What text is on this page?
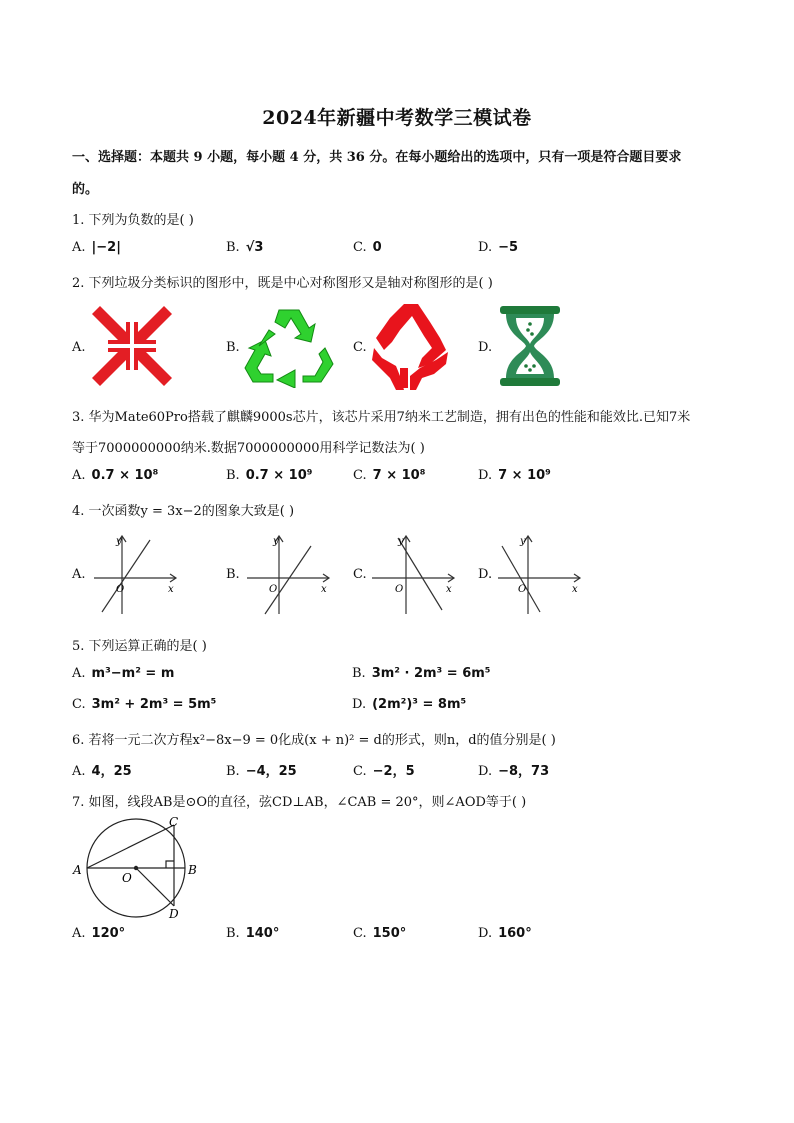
2024年新疆中考数学三模试卷
一、选择题：本题共 9 小题，每小题 4 分，共 36 分。在每小题给出的选项中，只有一项是符合题目要求
的。
1. 下列为负数的是( )
A. |−2|	B. √3	C. 0	D. −5
2. 下列垃圾分类标识的图形中，既是中心对称图形又是轴对称图形的是( )
A.	B.	C.	D.
3. 华为Mate60Pro搭载了麒麟9000s芯片，该芯片采用7纳米工艺制造，拥有出色的性能和能效比.已知7米
等于7000000000纳米.数据7000000000用科学记数法为( )
A. 0.7 × 10⁸	B. 0.7 × 10⁹	C. 7 × 10⁸	D. 7 × 10⁹
4. 一次函数y = 3x−2的图象大致是( )
A.
y
x
O
B.
y
x
O
C.
y
x
O
D.
y
x
O
5. 下列运算正确的是( )
A. m³−m² = m	B. 3m² · 2m³ = 6m⁵
C. 3m² + 2m³ = 5m⁵	D. (2m²)³ = 8m⁵
6. 若将一元二次方程x²−8x−9 = 0化成(x + n)² = d的形式，则n，d的值分别是( )
A. 4，25	B. −4，25	C. −2，5	D. −8，73
7. 如图，线段AB是⊙O的直径，弦CD⊥AB，∠CAB = 20°，则∠AOD等于( )
A	B
C
D
O
A. 120°	B. 140°	C. 150°	D. 160°
